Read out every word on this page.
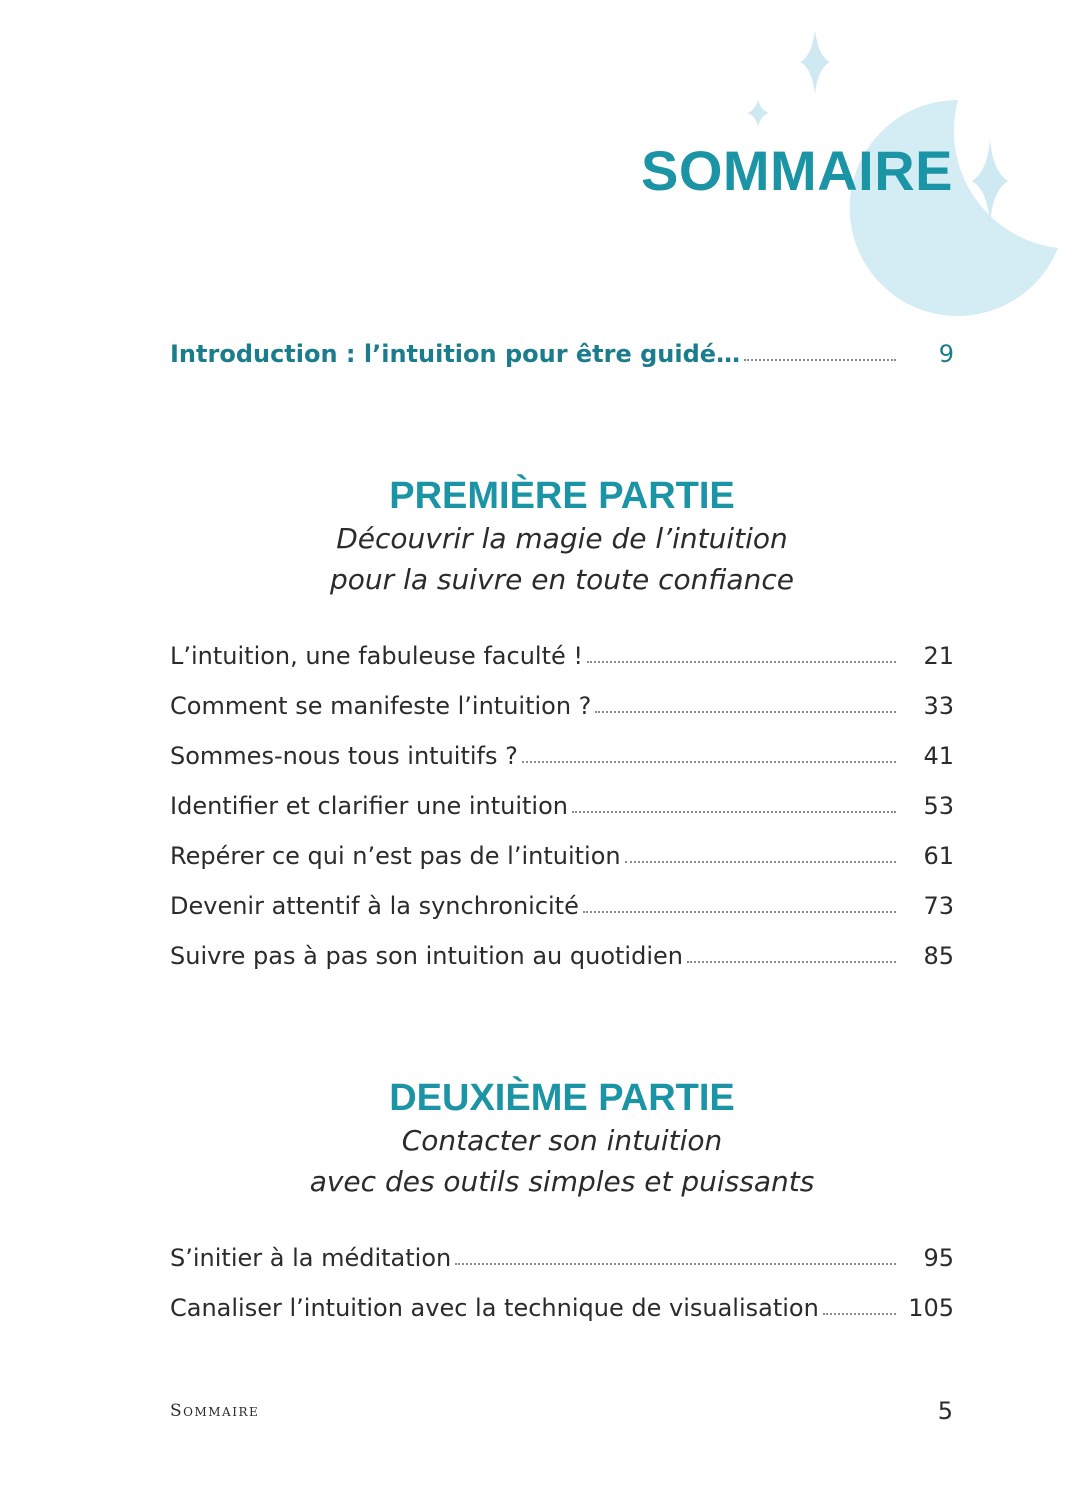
SOMMAIRE
Introduction : l’intuition pour être guidé…	9
PREMIÈRE PARTIE

Découvrir la magie de l’intuition

pour la suivre en toute confiance

L’intuition, une fabuleuse faculté !	21
Comment se manifeste l’intuition ?	33
Sommes-nous tous intuitifs ?	41
Identifier et clarifier une intuition	53
Repérer ce qui n’est pas de l’intuition	61
Devenir attentif à la synchronicité	73
Suivre pas à pas son intuition au quotidien	85
DEUXIÈME PARTIE

Contacter son intuition

avec des outils simples et puissants

S’initier à la méditation	95
Canaliser l’intuition avec la technique de visualisation	105
Sommaire	5
